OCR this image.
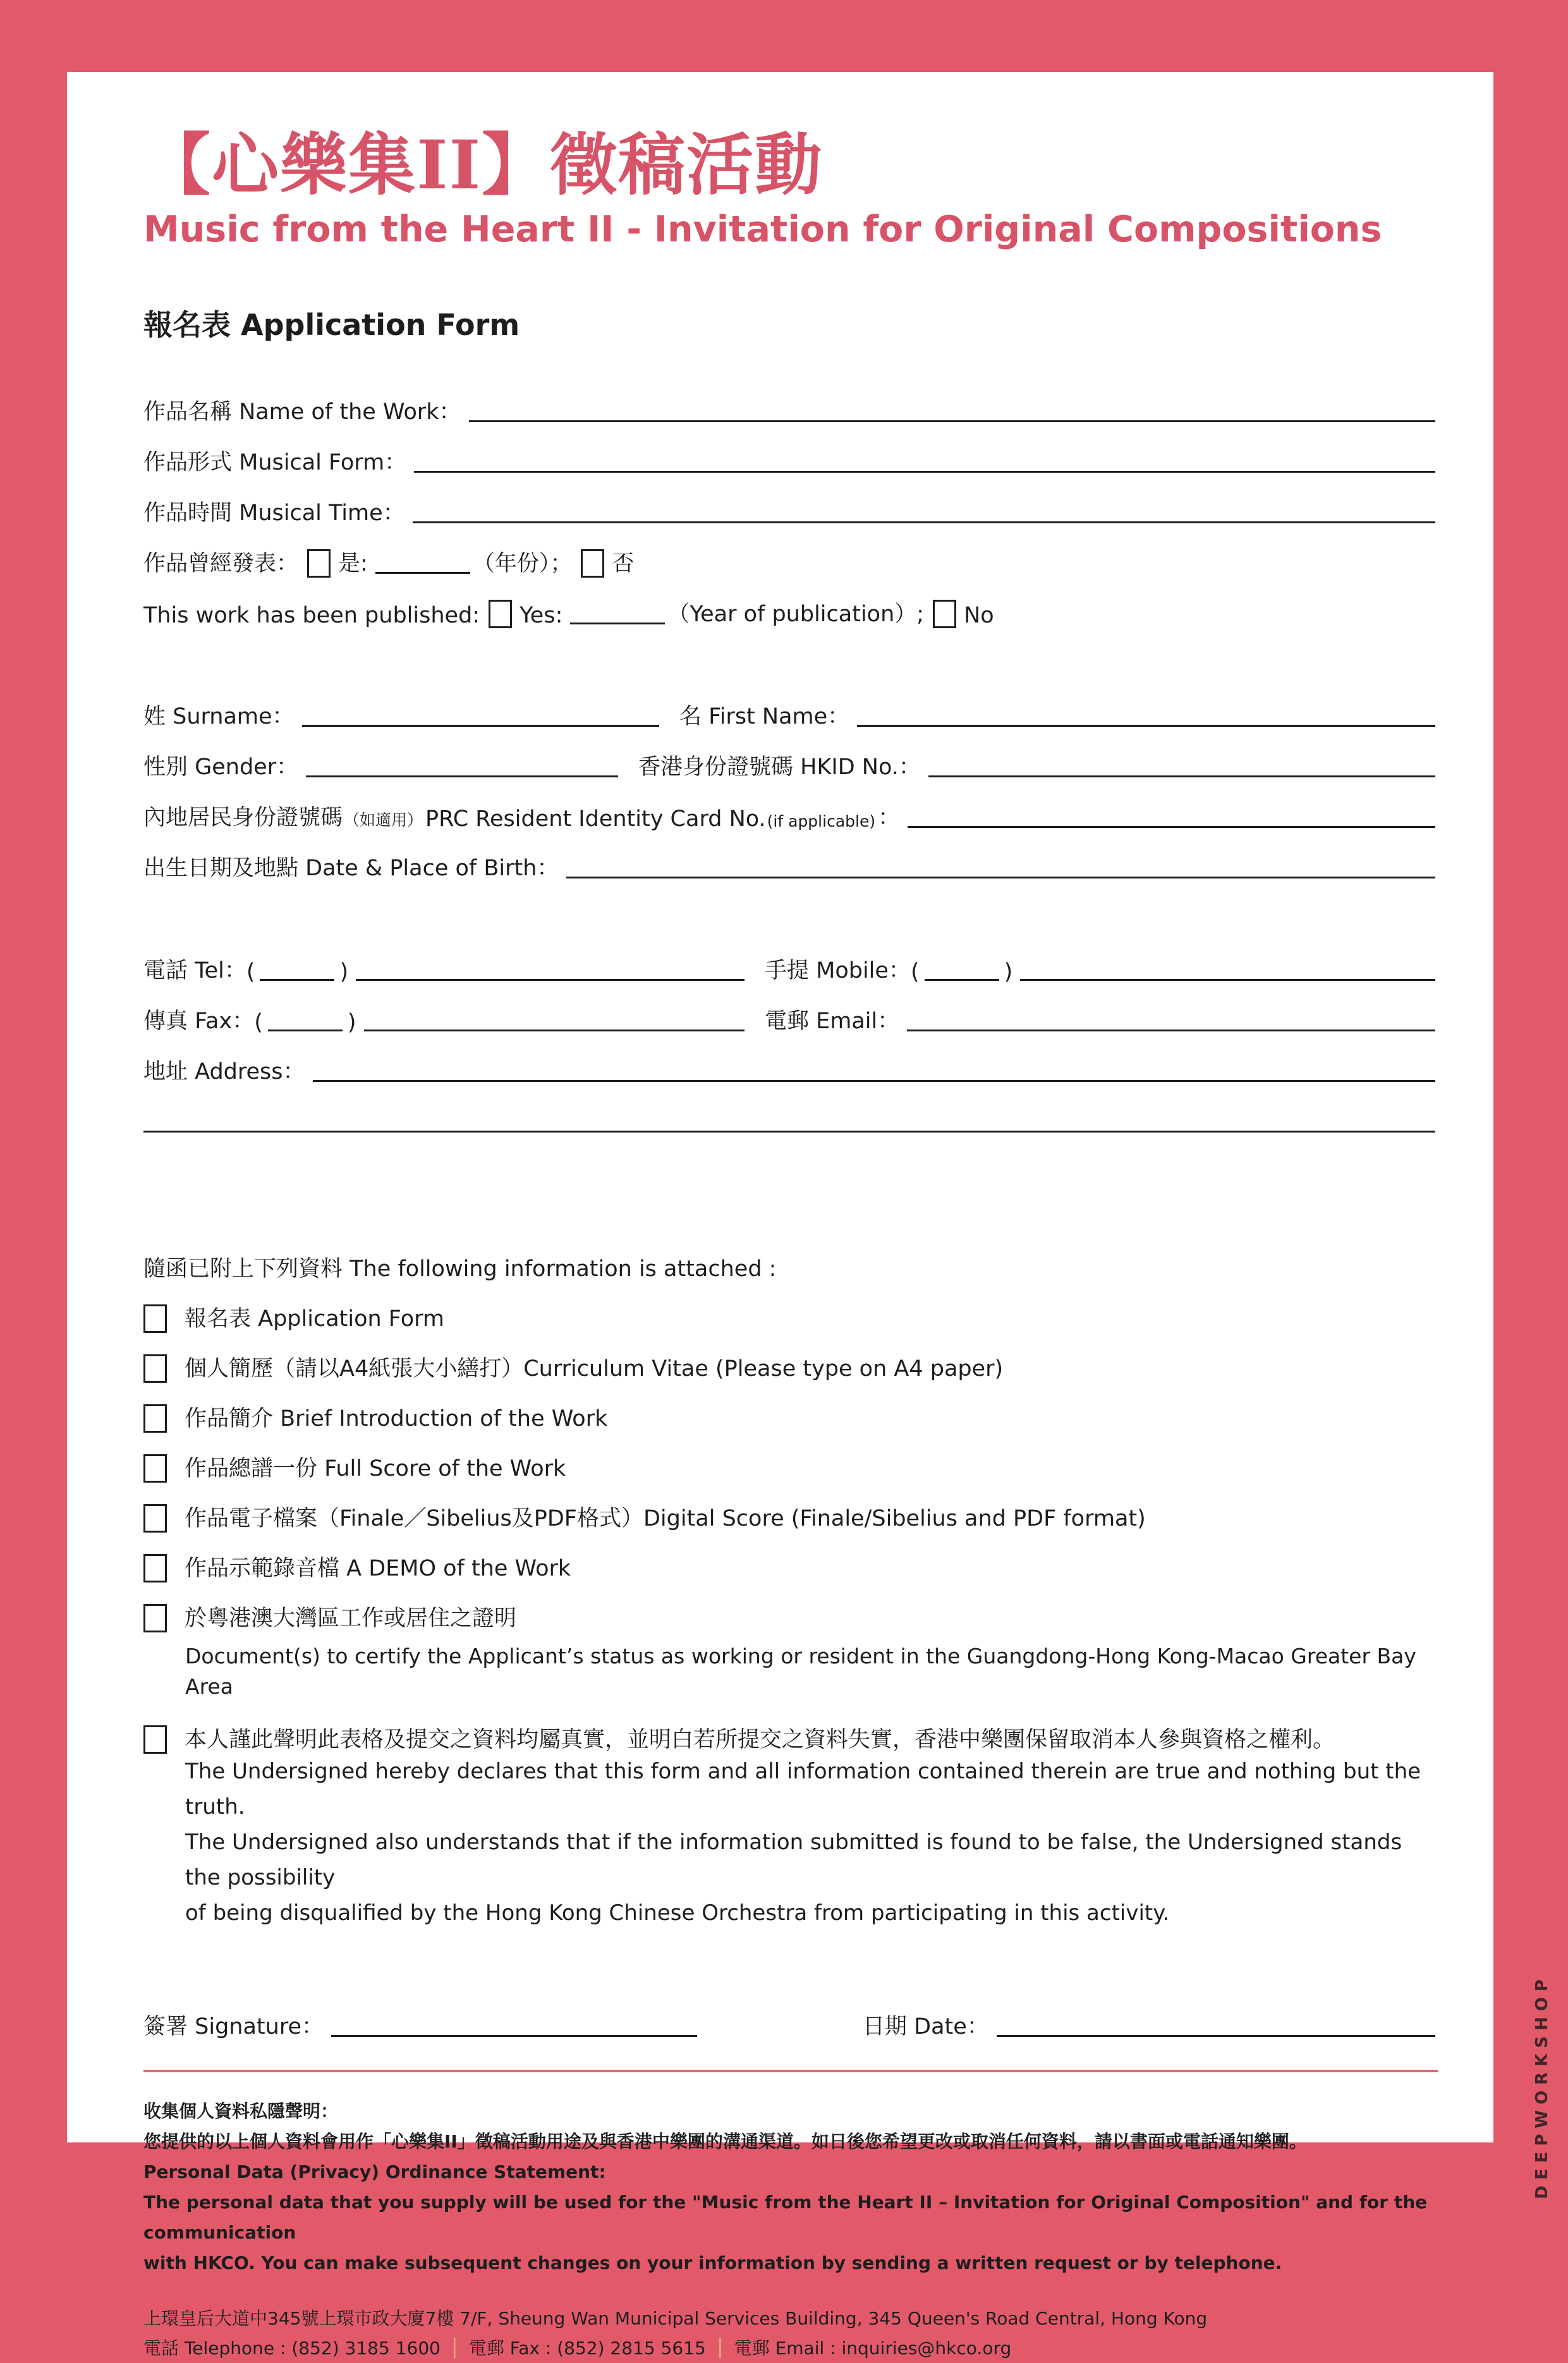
【心樂集II】徵稿活動
Music from the Heart II - Invitation for Original Compositions
報名表 Application Form
作品名稱 Name of the Work：
作品形式 Musical Form：
作品時間 Musical Time：
作品曾經發表： 是:	（年份）； 否
This work has been published: Yes:	（Year of publication）; No
姓 Surname：	名 First Name：
性別 Gender：	香港身份證號碼 HKID No.：
內地居民身份證號碼 （如適用） PRC Resident Identity Card No. (if applicable) ：
出生日期及地點 Date & Place of Birth：
電話 Tel： (	)	手提 Mobile： (	)
傳真 Fax： (	)	電郵 Email：
地址 Address：
隨函已附上下列資料 The following information is attached :
報名表 Application Form
個人簡歷（請以A4紙張大小繕打）Curriculum Vitae (Please type on A4 paper)
作品簡介 Brief Introduction of the Work
作品總譜一份 Full Score of the Work
作品電子檔案（Finale／Sibelius及PDF格式）Digital Score (Finale/Sibelius and PDF format)
作品示範錄音檔 A DEMO of the Work
於粵港澳大灣區工作或居住之證明
Document(s) to certify the Applicant’s status as working or resident in the Guangdong-Hong Kong-Macao Greater Bay Area
本人謹此聲明此表格及提交之資料均屬真實，並明白若所提交之資料失實，香港中樂團保留取消本人參與資格之權利。
The Undersigned hereby declares that this form and all information contained therein are true and nothing but the truth.
The Undersigned also understands that if the information submitted is found to be false, the Undersigned stands the possibility
of being disqualified by the Hong Kong Chinese Orchestra from participating in this activity.
簽署 Signature：	日期 Date：
收集個人資料私隱聲明：
您提供的以上個人資料會用作「心樂集II」徵稿活動用途及與香港中樂團的溝通渠道。如日後您希望更改或取消任何資料，請以書面或電話通知樂團。
Personal Data (Privacy) Ordinance Statement:
The personal data that you supply will be used for the "Music from the Heart II – Invitation for Original Composition" and for the communication
with HKCO. You can make subsequent changes on your information by sending a written request or by telephone.
上環皇后大道中345號上環市政大廈7樓 7/F, Sheung Wan Municipal Services Building, 345 Queen's Road Central, Hong Kong
電話 Telephone : (852) 3185 1600 │ 電郵 Fax : (852) 2815 5615 │ 電郵 Email : inquiries@hkco.org
DEEPWORKSHOP
